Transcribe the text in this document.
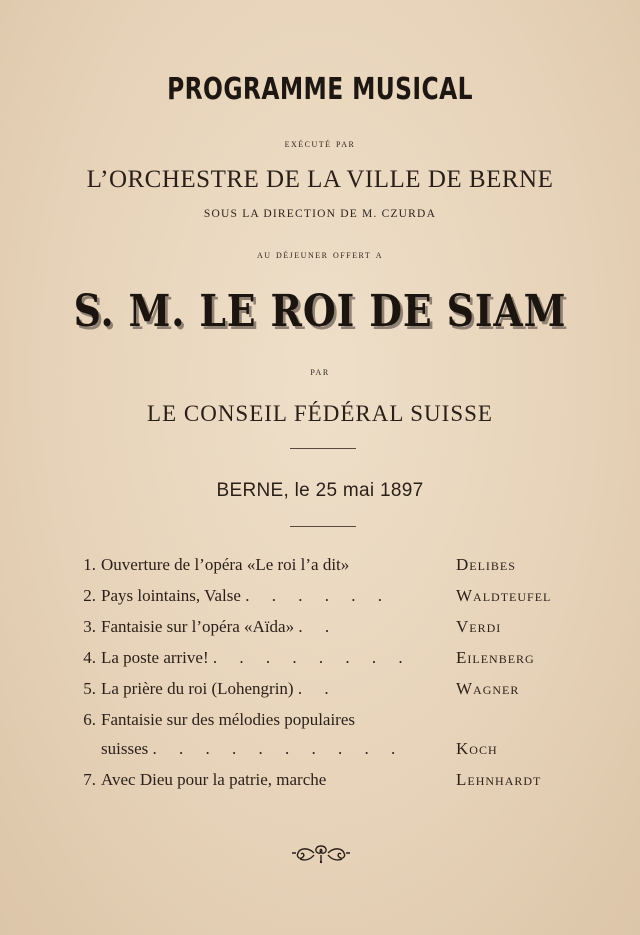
PROGRAMME MUSICAL
exécuté par
L’ORCHESTRE DE LA VILLE DE BERNE
SOUS LA DIRECTION DE M. CZURDA
au déjeuner offert a
S. M. LE ROI DE SIAM
par
LE CONSEIL FÉDÉRAL SUISSE
BERNE, le 25 mai 1897
1. Ouverture de l’opéra «Le roi l’a dit»	Delibes
2. Pays lointains, Valse . . . . . .	Waldteufel
3. Fantaisie sur l’opéra «Aïda» . .	Verdi
4. La poste arrive! . . . . . . . .	Eilenberg
5. La prière du roi (Lohengrin) . .	Wagner
6. Fantaisie sur des mélodies populaires
suisses . . . . . . . . . .	Koch
7. Avec Dieu pour la patrie, marche	Lehnhardt
